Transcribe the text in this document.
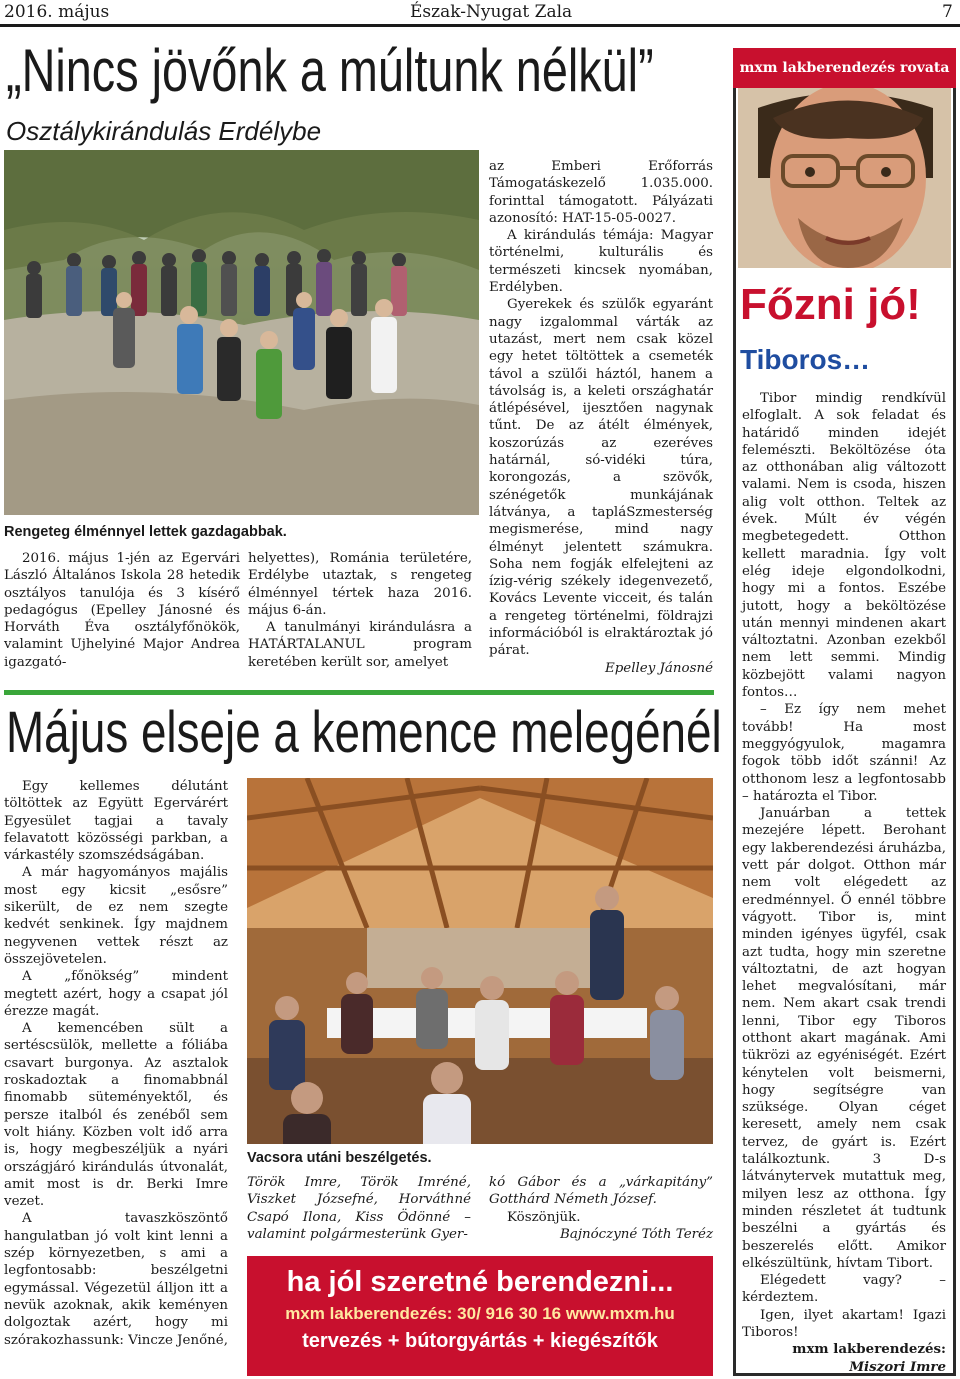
2016. május	Észak-Nyugat Zala	7
„Nincs jövőnk a múltunk nélkül”
Osztálykirándulás Erdélybe
Rengeteg élménnyel lettek gazdagabbak.

2016. május 1-jén az Egervári László Általános Iskola 28 hetedik osztályos tanulója és 3 kísérő pedagógus (Epelley Jánosné és Horváth Éva osztályfőnökök, valamint Ujhelyiné Major Andrea igazgató-

helyettes), Románia területére, Erdélybe utaztak, s rengeteg élménnyel tértek haza 2016. május 6-án.

A tanulmányi kirándulásra a HATÁRTALANUL program keretében került sor, amelyet

az Emberi Erőforrás Támogatáskezelő 1.035.000. forinttal támogatott. Pályázati azonosító: HAT-15-05-0027.

A kirándulás témája: Magyar történelmi, kulturális és természeti kincsek nyomában, Erdélyben.

Gyerekek és szülők egyaránt nagy izgalommal várták az utazást, mert nem csak közel egy hetet töltöttek a csemeték távol a szülői háztól, hanem a távolság is, a keleti országhatár átlépésével, ijesztően nagynak tűnt. De az átélt élmények, koszorúzás az ezeréves határnál, só-vidéki túra, korongozás, a szövők, szénégetők munkájának látványa, a tapláSzmesterség megismerése, mind nagy élményt jelentett számukra. Soha nem fogják elfelejteni az ízig-vérig székely idegenvezető, Kovács Levente vicceit, és talán a rengeteg történelmi, földrajzi információból is elraktároztak jó párat.

Epelley Jánosné
Május elseje a kemence melegénél

Egy kellemes délutánt töltöttek az Együtt Egervárért Egyesület tagjai a tavaly felavatott közösségi parkban, a várkastély szomszédságában.

A már hagyományos majális most egy kicsit „esősre” sikerült, de ez nem szegte kedvét senkinek. Így majdnem negyvenen vettek részt az összejövetelen.

A „főnökség” mindent megtett azért, hogy a csapat jól érezze magát.

A kemencében sült a sertéscsülök, mellette a fóliába csavart burgonya. Az asztalok roskadoztak a finomabbnál finomabb süteményektől, és persze italból és zenéből sem volt hiány. Közben volt idő arra is, hogy megbeszéljük a nyári országjáró kirándulás útvonalát, amit most is dr. Berki Imre vezet.

A tavaszköszöntő hangulatban jó volt kint lenni a szép környezetben, s ami a legfontosabb: beszélgetni egymással. Végezetül álljon itt a nevük azoknak, akik keményen dolgoztak azért, hogy mi szórakozhassunk: Vincze Jenőné,

Vacsora utáni beszélgetés.

Török Imre, Török Imréné, Viszket Józsefné, Horváthné Csapó Ilona, Kiss Ödönné – valamint polgármesterünk Gyer-

kó Gábor és a „várkapitány” Gotthárd Németh József.

Köszönjük.

Bajnóczyné Tóth Teréz
ha jól szeretné berendezni...
mxm lakberendezés: 30/ 916 30 16 www.mxm.hu
tervezés + bútorgyártás + kiegészítők
mxm lakberendezés rovata
Főzni jó!
Tiboros…

Tibor mindig rendkívül elfoglalt. A sok feladat és határidő minden idejét felemészti. Beköltözése óta az otthonában alig változott valami. Nem is csoda, hiszen alig volt otthon. Teltek az évek. Múlt év végén megbetegedett. Otthon kellett maradnia. Így volt elég ideje elgondolkodni, hogy mi a fontos. Eszébe jutott, hogy a beköltözése után mennyi mindenen akart változtatni. Azonban ezekből nem lett semmi. Mindig közbejött valami nagyon fontos…

– Ez így nem mehet tovább! Ha most meggyógyulok, magamra fogok több időt szánni! Az otthonom lesz a legfontosabb – határozta el Tibor.

Januárban a tettek mezejére lépett. Berohant egy lakberendezési áruházba, vett pár dolgot. Otthon már nem volt elégedett az eredménnyel. Ő ennél többre vágyott. Tibor is, mint minden igényes ügyfél, csak azt tudta, hogy min szeretne változtatni, de azt hogyan lehet megvalósítani, már nem. Nem akart csak trendi lenni, Tibor egy Tiboros otthont akart magának. Ami tükrözi az egyéniségét. Ezért kénytelen volt beismerni, hogy segítségre van szüksége. Olyan céget keresett, amely nem csak tervez, de gyárt is. Ezért találkoztunk. 3 D-s látványtervek mutattuk meg, milyen lesz az otthona. Így minden részletet át tudtunk beszélni a gyártás és beszerelés előtt. Amikor elkészültünk, hívtam Tibort.

Elégedett vagy? – kérdeztem.

Igen, ilyet akartam! Igazi Tiboros!

mxm lakberendezés:
Miszori Imre
